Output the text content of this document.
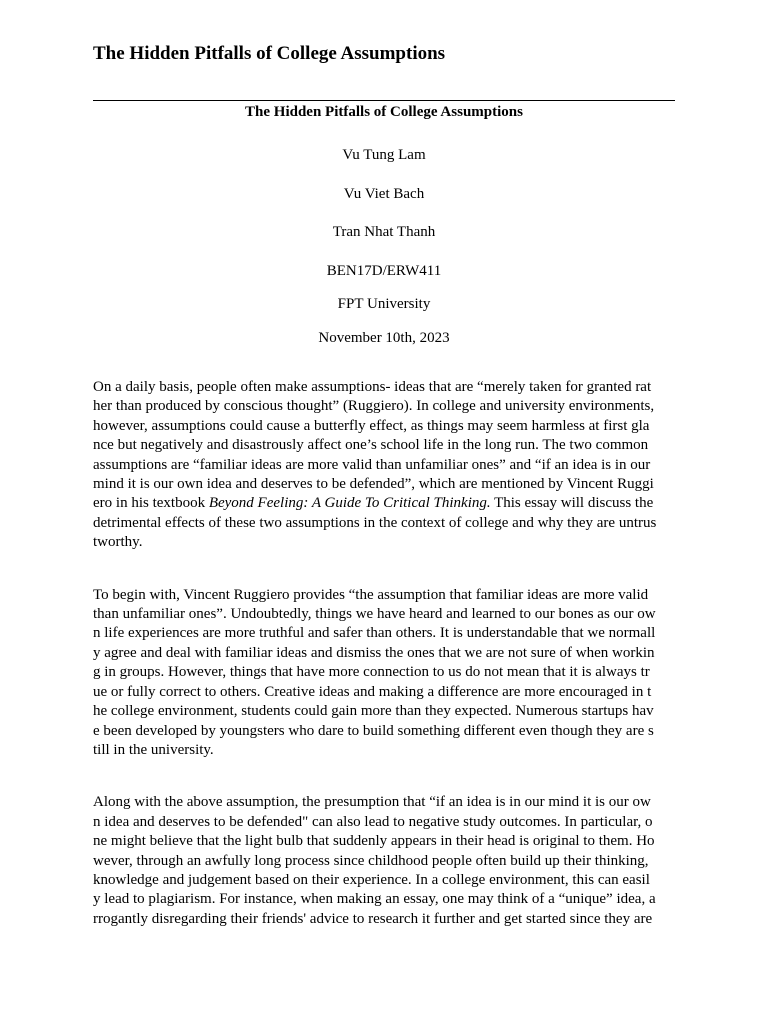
The Hidden Pitfalls of College Assumptions
The Hidden Pitfalls of College Assumptions
Vu Tung Lam
Vu Viet Bach
Tran Nhat Thanh
BEN17D/ERW411
FPT University
November 10th, 2023

On a daily basis, people often make assumptions- ideas that are “merely taken for granted rat
her than produced by conscious thought” (Ruggiero). In college and university environments,
however, assumptions could cause a butterfly effect, as things may seem harmless at first gla
nce but negatively and disastrously affect one’s school life in the long run. The two common
assumptions are “familiar ideas are more valid than unfamiliar ones” and “if an idea is in our
mind it is our own idea and deserves to be defended”, which are mentioned by Vincent Ruggi
ero in his textbook Beyond Feeling: A Guide To Critical Thinking. This essay will discuss the
detrimental effects of these two assumptions in the context of college and why they are untrus
tworthy.

To begin with, Vincent Ruggiero provides “the assumption that familiar ideas are more valid
than unfamiliar ones”. Undoubtedly, things we have heard and learned to our bones as our ow
n life experiences are more truthful and safer than others. It is understandable that we normall
y agree and deal with familiar ideas and dismiss the ones that we are not sure of when workin
g in groups. However, things that have more connection to us do not mean that it is always tr
ue or fully correct to others. Creative ideas and making a difference are more encouraged in t
he college environment, students could gain more than they expected. Numerous startups hav
e been developed by youngsters who dare to build something different even though they are s
till in the university.

Along with the above assumption, the presumption that “if an idea is in our mind it is our ow
n idea and deserves to be defended" can also lead to negative study outcomes. In particular, o
ne might believe that the light bulb that suddenly appears in their head is original to them. Ho
wever, through an awfully long process since childhood people often build up their thinking,
knowledge and judgement based on their experience. In a college environment, this can easil
y lead to plagiarism. For instance, when making an essay, one may think of a “unique” idea, a
rrogantly disregarding their friends' advice to research it further and get started since they are
